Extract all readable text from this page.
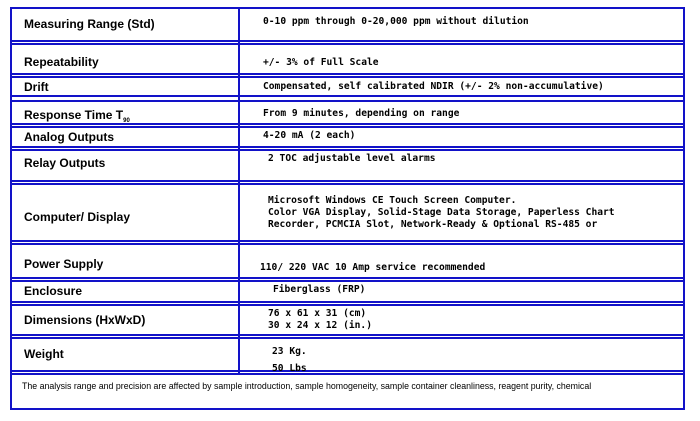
Measuring Range (Std)
Repeatability
Drift
Response Time $T_{90}$
Analog Outputs
Relay Outputs
Computer/ Display
Power Supply
Enclosure
Dimensions (HxWxD)
Weight
0-10 ppm through 0-20,000 ppm without dilution
+/- 3% of Full Scale
Compensated, self calibrated NDIR (+/- 2% non-accumulative)
From 9 minutes, depending on range
4-20 mA (2 each)
2 TOC adjustable level alarms
Microsoft Windows CE Touch Screen Computer.
Color VGA Display, Solid-Stage Data Storage, Paperless Chart
Recorder, PCMCIA Slot, Network-Ready & Optional RS-485 or
110/ 220 VAC 10 Amp service recommended
Fiberglass (FRP)
76 x 61 x 31 (cm)
30 x 24 x 12 (in.)
23 Kg.
50 Lbs
The analysis range and precision are affected by sample introduction, sample homogeneity, sample container cleanliness, reagent purity, chemical
